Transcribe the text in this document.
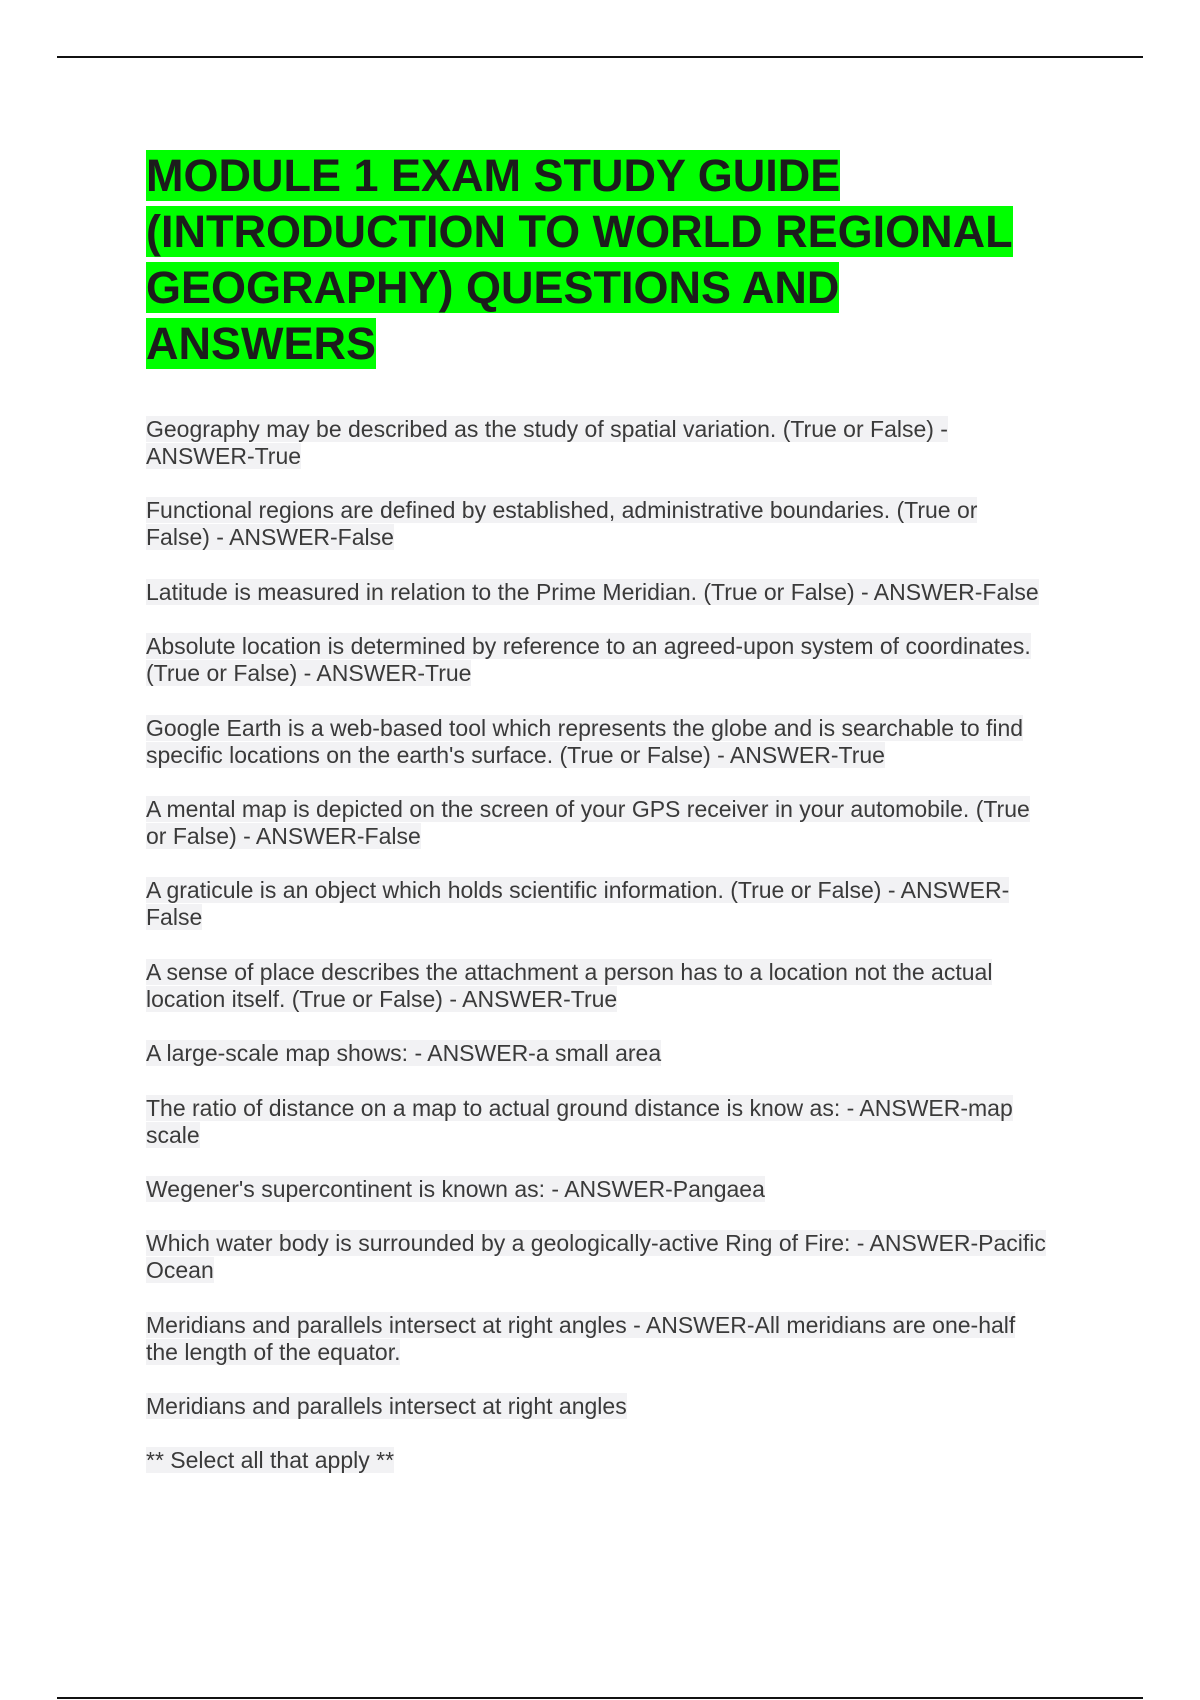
MODULE 1 EXAM STUDY GUIDE (INTRODUCTION TO WORLD REGIONAL GEOGRAPHY) QUESTIONS AND ANSWERS
Geography may be described as the study of spatial variation. (True or False) - ANSWER-True
Functional regions are defined by established, administrative boundaries. (True or False) - ANSWER-False
Latitude is measured in relation to the Prime Meridian. (True or False) - ANSWER-False
Absolute location is determined by reference to an agreed-upon system of coordinates. (True or False) - ANSWER-True
Google Earth is a web-based tool which represents the globe and is searchable to find specific locations on the earth's surface. (True or False) - ANSWER-True
A mental map is depicted on the screen of your GPS receiver in your automobile. (True or False) - ANSWER-False
A graticule is an object which holds scientific information. (True or False) - ANSWER-False
A sense of place describes the attachment a person has to a location not the actual location itself. (True or False) - ANSWER-True
A large-scale map shows: - ANSWER-a small area
The ratio of distance on a map to actual ground distance is know as: - ANSWER-map scale
Wegener's supercontinent is known as: - ANSWER-Pangaea
Which water body is surrounded by a geologically-active Ring of Fire: - ANSWER-Pacific Ocean
Meridians and parallels intersect at right angles - ANSWER-All meridians are one-half the length of the equator.
Meridians and parallels intersect at right angles
** Select all that apply **
